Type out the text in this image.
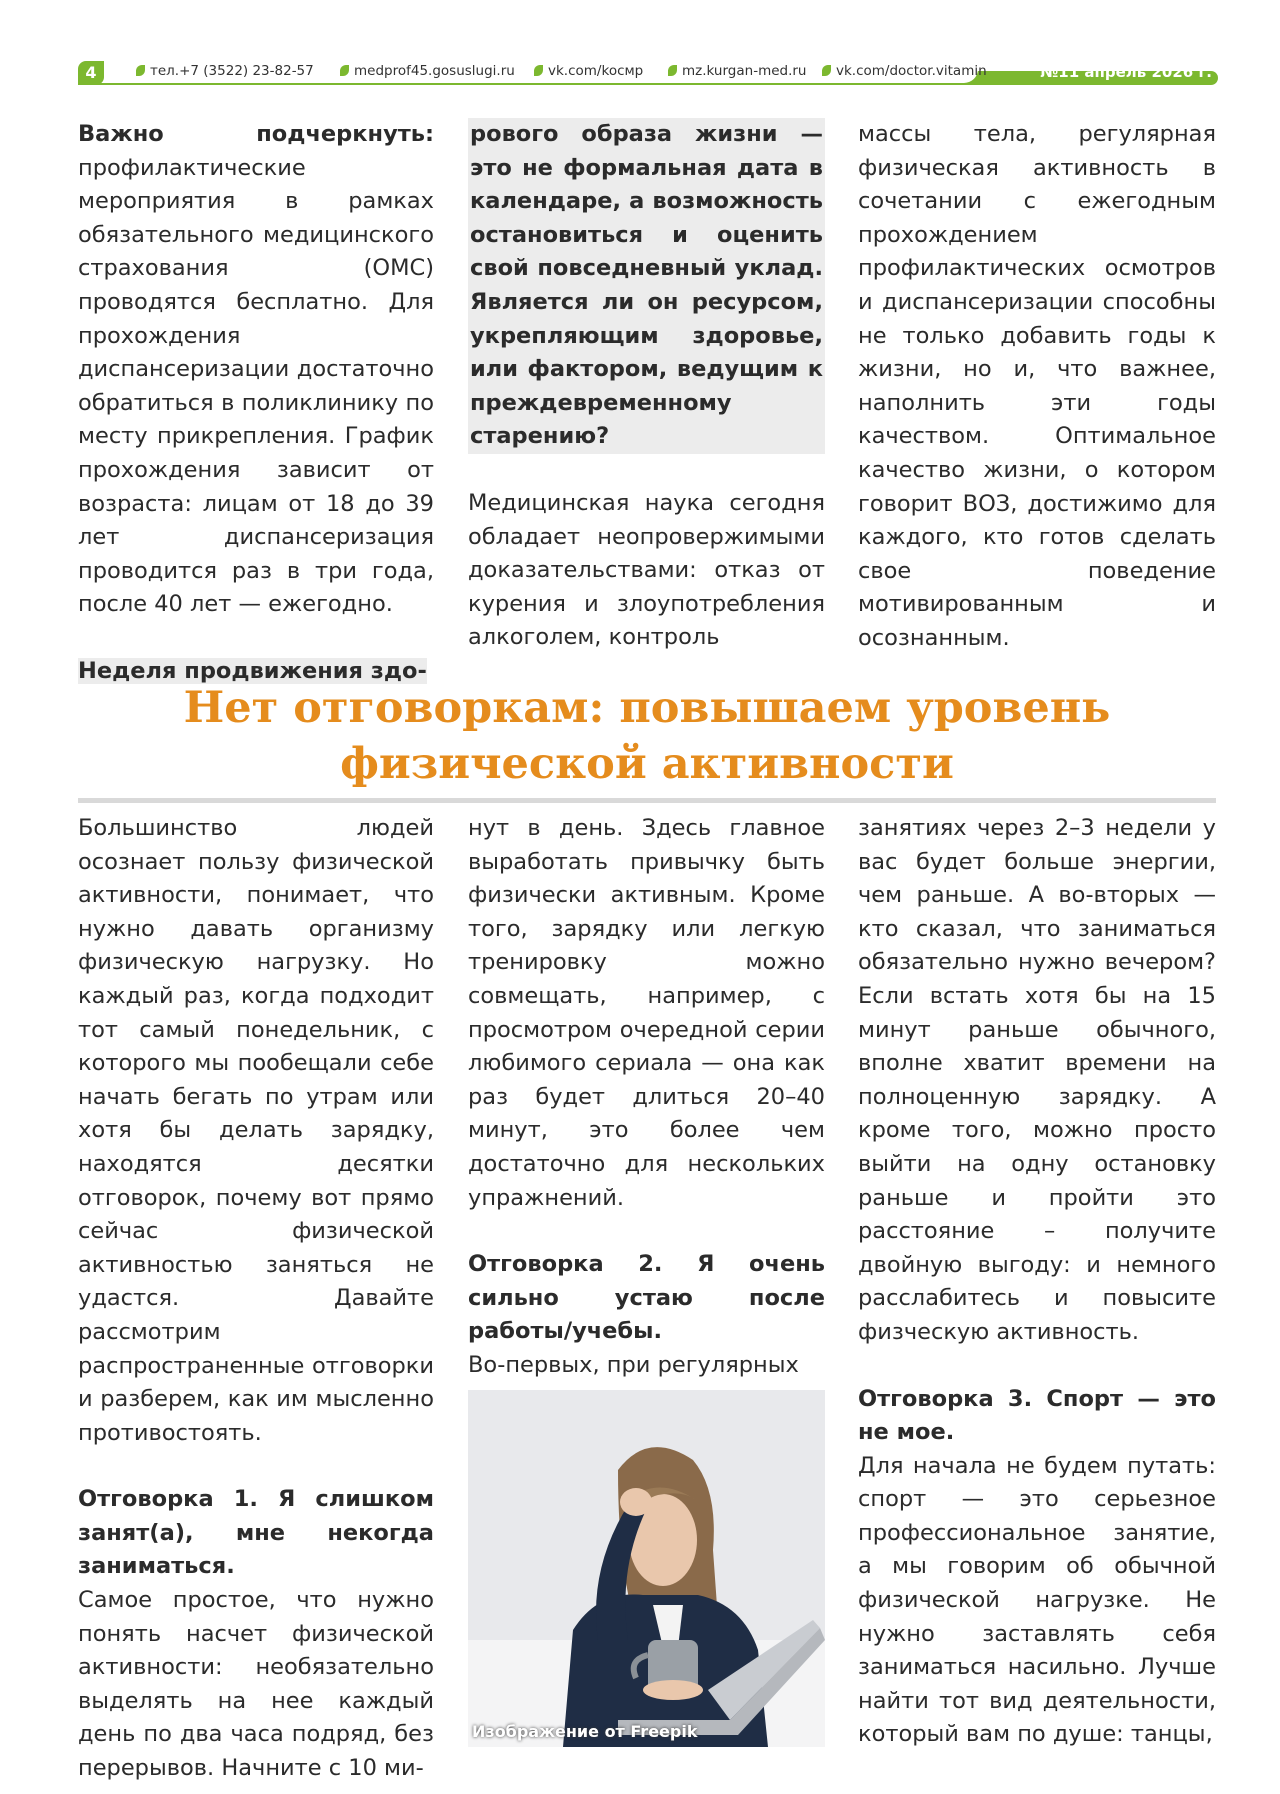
4	тел.+7 (3522) 23-82-57	medprof45.gosuslugi.ru	vk.com/kocмp	mz.kurgan-med.ru	vk.com/doctor.vitamin	№11 апрель 2026 г.

Важно подчеркнуть: профилактические мероприятия в рамках обязательного медицинского страхования (ОМС) проводятся бесплатно. Для прохождения диспансеризации достаточно обратиться в поликлинику по месту прикрепления. График прохождения зависит от возраста: лицам от 18 до 39 лет диспансеризация проводится раз в три года, после 40 лет — ежегодно.

Неделя продвижения здо-

рового образа жизни — это не формальная дата в календаре, а возможность остановиться и оценить свой повседневный уклад. Является ли он ресурсом, укрепляющим здоровье, или фактором, ведущим к преждевременному старению?

Медицинская наука сегодня обладает неопровержимыми доказательствами: отказ от курения и злоупотребления алкоголем, контроль

массы тела, регулярная физическая активность в сочетании с ежегодным прохождением профилактических осмотров и диспансеризации способны не только добавить годы к жизни, но и, что важнее, наполнить эти годы качеством. Оптимальное качество жизни, о котором говорит ВОЗ, достижимо для каждого, кто готов сделать свое поведение мотивированным и осознанным.

Нет отговоркам: повышаем уровень
физической активности

Большинство людей осознает пользу физической активности, понимает, что нужно давать организму физическую нагрузку. Но каждый раз, когда подходит тот самый понедельник, с которого мы пообещали себе начать бегать по утрам или хотя бы делать зарядку, находятся десятки отговорок, почему вот прямо сейчас физической активностью заняться не удастся. Давайте рассмотрим распространенные отговорки и разберем, как им мысленно противостоять.

Отговорка 1. Я слишком занят(а), мне некогда заниматься.

Самое простое, что нужно понять насчет физической активности: необязательно выделять на нее каждый день по два часа подряд, без перерывов. Начните с 10 ми-

нут в день. Здесь главное выработать привычку быть физически активным. Кроме того, зарядку или легкую тренировку можно совмещать, например, с просмотром очередной серии любимого сериала — она как раз будет длиться 20–40 минут, это более чем достаточно для нескольких упражнений.

Отговорка 2. Я очень сильно устаю после работы/учебы.

Во-первых, при регулярных

Изображение от Freepik

занятиях через 2–3 недели у вас будет больше энергии, чем раньше. А во-вторых — кто сказал, что заниматься обязательно нужно вечером? Если встать хотя бы на 15 минут раньше обычного, вполне хватит времени на полноценную зарядку. А кроме того, можно просто выйти на одну остановку раньше и пройти это расстояние – получите двойную выгоду: и немного расслабитесь и повысите физческую активность.

Отговорка 3. Спорт — это не мое.

Для начала не будем путать: спорт — это серьезное профессиональное занятие, а мы говорим об обычной физической нагрузке. Не нужно заставлять себя заниматься насильно. Лучше найти тот вид деятельности, который вам по душе: танцы,
